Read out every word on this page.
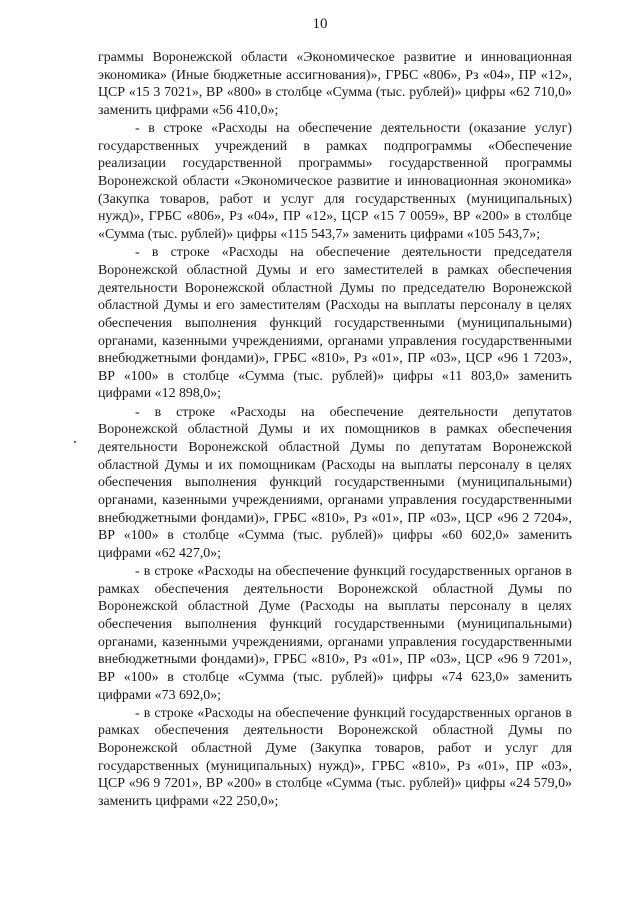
10

граммы Воронежской области «Экономическое развитие и инновационная экономика» (Иные бюджетные ассигнования)», ГРБС «806», Рз «04», ПР «12», ЦСР «15 3 7021», ВР «800» в столбце «Сумма (тыс. рублей)» цифры «62 710,0» заменить цифрами «56 410,0»;

- в строке «Расходы на обеспечение деятельности (оказание услуг) государственных учреждений в рамках подпрограммы «Обеспечение реализации государственной программы» государственной программы Воронежской области «Экономическое развитие и инновационная экономика» (Закупка товаров, работ и услуг для государственных (муниципальных) нужд)», ГРБС «806», Рз «04», ПР «12», ЦСР «15 7 0059», ВР «200» в столбце «Сумма (тыс. рублей)» цифры «115 543,7» заменить цифрами «105 543,7»;

- в строке «Расходы на обеспечение деятельности председателя Воронежской областной Думы и его заместителей в рамках обеспечения деятельности Воронежской областной Думы по председателю Воронежской областной Думы и его заместителям (Расходы на выплаты персоналу в целях обеспечения выполнения функций государственными (муниципальными) органами, казенными учреждениями, органами управления государственными внебюджетными фондами)», ГРБС «810», Рз «01», ПР «03», ЦСР «96 1 7203», ВР «100» в столбце «Сумма (тыс. рублей)» цифры «11 803,0» заменить цифрами «12 898,0»;

- в строке «Расходы на обеспечение деятельности депутатов Воронежской областной Думы и их помощников в рамках обеспечения деятельности Воронежской областной Думы по депутатам Воронежской областной Думы и их помощникам (Расходы на выплаты персоналу в целях обеспечения выполнения функций государственными (муниципальными) органами, казенными учреждениями, органами управления государственными внебюджетными фондами)», ГРБС «810», Рз «01», ПР «03», ЦСР «96 2 7204», ВР «100» в столбце «Сумма (тыс. рублей)» цифры «60 602,0» заменить цифрами «62 427,0»;

- в строке «Расходы на обеспечение функций государственных органов в рамках обеспечения деятельности Воронежской областной Думы по Воронежской областной Думе (Расходы на выплаты персоналу в целях обеспечения выполнения функций государственными (муниципальными) органами, казенными учреждениями, органами управления государственными внебюджетными фондами)», ГРБС «810», Рз «01», ПР «03», ЦСР «96 9 7201», ВР «100» в столбце «Сумма (тыс. рублей)» цифры «74 623,0» заменить цифрами «73 692,0»;

- в строке «Расходы на обеспечение функций государственных органов в рамках обеспечения деятельности Воронежской областной Думы по Воронежской областной Думе (Закупка товаров, работ и услуг для государственных (муниципальных) нужд)», ГРБС «810», Рз «01», ПР «03», ЦСР «96 9 7201», ВР «200» в столбце «Сумма (тыс. рублей)» цифры «24 579,0» заменить цифрами «22 250,0»;
